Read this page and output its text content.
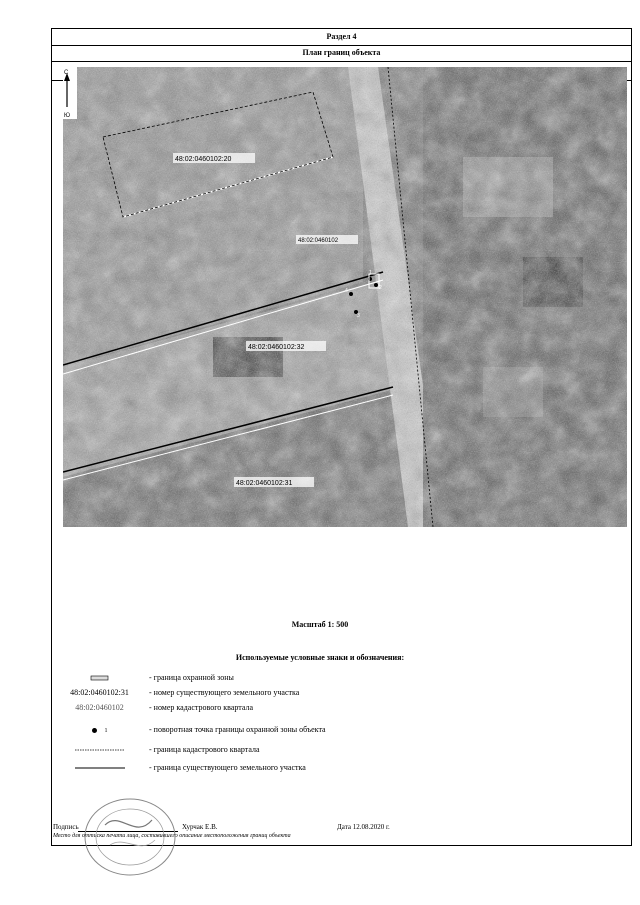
Раздел 4
План границ объекта
С
Ю
48:02:0460102:20
48:02:0460102
48:02:0460102:32
48:02:0460102:31
1
2
3
4
Масштаб 1: 500
Используемые условные знаки и обозначения:
- граница охранной зоны
48:02:0460102:31	- номер существующего земельного участка
48:02:0460102	- номер кадастрового квартала
1	- поворотная точка границы охранной зоны объекта
- граница кадастрового квартала
- граница существующего земельного участка
Подпись	Хурчак Е.В.	Дата 12.08.2020 г.
Место для оттиска печати лица, составившего описание местоположения границ объекта
